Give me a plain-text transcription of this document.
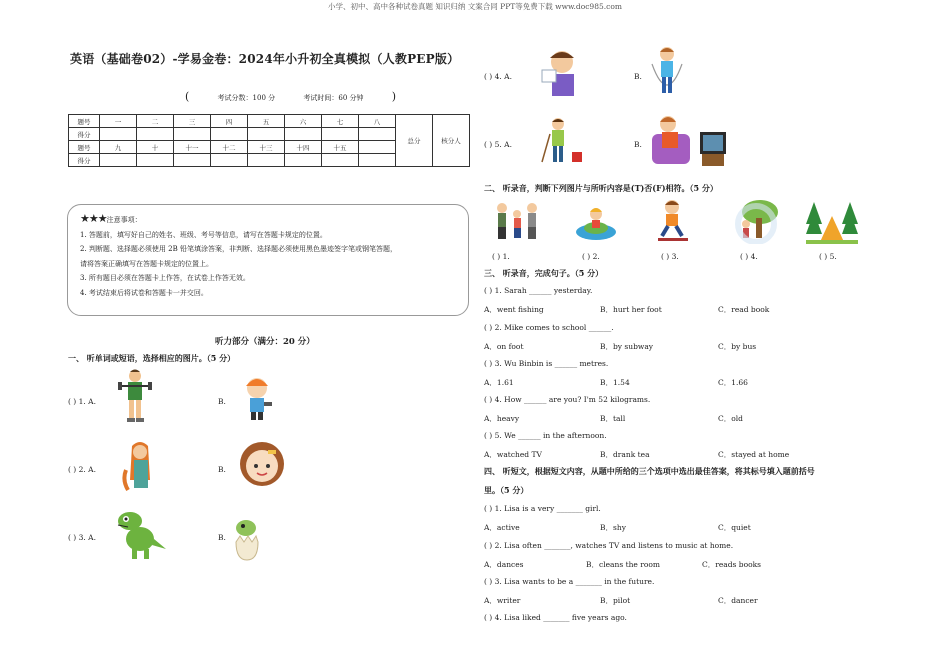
小学、初中、高中各种试卷真题 知识归纳 文案合同 PPT等免费下载 www.doc985.com
英语（基础卷02）-学易金卷：2024年小升初全真模拟（人教PEP版）
(	考试分数：100 分	考试时间：60 分钟	)
题号	一	二	三	四	五	六	七	八	总分	核分人
得分										
题号	九	十	十一	十二	十三	十四	十五			
得分										
★★★注意事项：
1. 答题前，填写好自己的姓名、班级、考号等信息，请写在答题卡规定的位置。
2. 判断题、选择题必须使用 2B 铅笔填涂答案，非判断、选择题必须使用黑色墨迹签字笔或钢笔答题，
请将答案正确填写在答题卡规定的位置上。
3. 所有题目必须在答题卡上作答，在试卷上作答无效。
4. 考试结束后将试卷和答题卡一并交回。
听力部分（满分：20 分）
一、 听单词或短语，选择相应的图片。（5 分）
( ) 1. A.	B.
( ) 2. A.	B.
( ) 3. A.	B.
( ) 4. A.	B.
( ) 5. A.	B.
二、 听录音，判断下列图片与所听内容是(T)否(F)相符。（5 分）
( ) 1.	( ) 2.	( ) 3.	( ) 4.	( ) 5.
三、 听录音，完成句子。（5 分）
( ) 1. Sarah ______ yesterday.
A．went fishing	B．hurt her foot	C．read book
( ) 2. Mike comes to school ______.
A．on foot	B．by subway	C．by bus
( ) 3. Wu Binbin is ______ metres.
A．1.61	B．1.54	C．1.66
( ) 4. How ______ are you? I'm 52 kilograms.
A．heavy	B．tall	C．old
( ) 5. We ______ in the afternoon.
A．watched TV	B．drank tea	C．stayed at home
四、 听短文，根据短文内容，从题中所给的三个选项中选出最佳答案，将其标号填入题前括号
里。（5 分）
( ) 1. Lisa is a very _______ girl.
A．active	B．shy	C．quiet
( ) 2. Lisa often _______, watches TV and listens to music at home.
A．dances	B．cleans the room	C．reads books
( ) 3. Lisa wants to be a _______ in the future.
A．writer	B．pilot	C．dancer
( ) 4. Lisa liked _______ five years ago.
